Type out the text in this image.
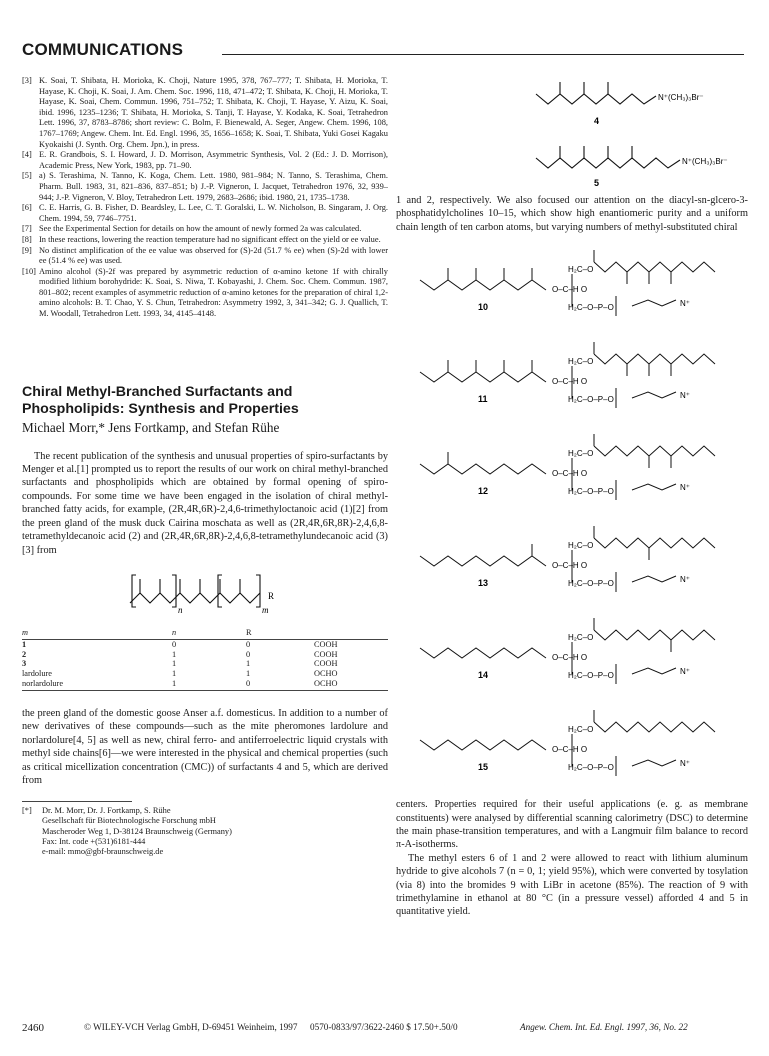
COMMUNICATIONS
[3] K. Soai, T. Shibata, H. Morioka, K. Choji, Nature 1995, 378, 767–777; T. Shibata, H. Morioka, T. Hayase, K. Choji, K. Soai, J. Am. Chem. Soc. 1996, 118, 471–472; T. Shibata, K. Choji, H. Morioka, T. Hayase, K. Soai, Chem. Commun. 1996, 751–752; T. Shibata, K. Choji, T. Hayase, Y. Aizu, K. Soai, ibid. 1996, 1235–1236; T. Shibata, H. Morioka, S. Tanji, T. Hayase, Y. Kodaka, K. Soai, Tetrahedron Lett. 1996, 37, 8783–8786; short review: C. Bolm, F. Bienewald, A. Seger, Angew. Chem. 1996, 108, 1767–1769; Angew. Chem. Int. Ed. Engl. 1996, 35, 1656–1658; K. Soai, T. Shibata, Yuki Gosei Kagaku Kyokaishi (J. Synth. Org. Chem. Jpn.), in press.
[4] E. R. Grandbois, S. I. Howard, J. D. Morrison, Asymmetric Synthesis, Vol. 2 (Ed.: J. D. Morrison), Academic Press, New York, 1983, pp. 71–90.
[5] a) S. Terashima, N. Tanno, K. Koga, Chem. Lett. 1980, 981–984; N. Tanno, S. Terashima, Chem. Pharm. Bull. 1983, 31, 821–836, 837–851; b) J.-P. Vigneron, I. Jacquet, Tetrahedron 1976, 32, 939–944; J.-P. Vigneron, V. Bloy, Tetrahedron Lett. 1979, 2683–2686; ibid. 1980, 21, 1735–1738.
[6] C. E. Harris, G. B. Fisher, D. Beardsley, L. Lee, C. T. Goralski, L. W. Nicholson, B. Singaram, J. Org. Chem. 1994, 59, 7746–7751.
[7] See the Experimental Section for details on how the amount of newly formed 2a was calculated.
[8] In these reactions, lowering the reaction temperature had no significant effect on the yield or ee value.
[9] No distinct amplification of the ee value was observed for (S)-2d (51.7 % ee) when (S)-2d with lower ee (51.4 % ee) was used.
[10] Amino alcohol (S)-2f was prepared by asymmetric reduction of α-amino ketone 1f with chirally modified lithium borohydride: K. Soai, S. Niwa, T. Kobayashi, J. Chem. Soc. Chem. Commun. 1987, 801–802; recent examples of asymmetric reduction of α-amino ketones for the preparation of chiral 1,2-amino alcohols: B. T. Chao, Y. S. Chun, Tetrahedron: Asymmetry 1992, 3, 341–342; G. J. Quallich, T. M. Woodall, Tetrahedron Lett. 1993, 34, 4145–4148.
Chiral Methyl-Branched Surfactants and Phospholipids: Synthesis and Properties
Michael Morr,* Jens Fortkamp, and Stefan Rühe

The recent publication of the synthesis and unusual properties of spiro-surfactants by Menger et al.[1] prompted us to report the results of our work on chiral methyl-branched surfactants and phospholipids which are obtained by formal opening of spiro-compounds. For some time we have been engaged in the isolation of chiral methyl-branched fatty acids, for example, (2R,4R,6R)-2,4,6-trimethyloctanoic acid (1)[2] from the preen gland of the musk duck Cairina moschata as well as (2R,4R,6R,8R)-2,4,6,8-tetramethyldecanoic acid (2) and (2R,4R,6R,8R)-2,4,6,8-tetramethylundecanoic acid (3)[3] from

n	m
R
m	n	R	
1	0	0	COOH
2	1	0	COOH
3	1	1	COOH
lardolure	1	1	OCHO
norlardolure	1	0	OCHO

the preen gland of the domestic goose Anser a.f. domesticus. In addition to a number of new derivatives of these compounds—such as the mite pheromones lardolure and norlardolure[4, 5] as well as new, chiral ferro- and antiferroelectric liquid crystals with methyl side chains[6]—we were interested in the physical and chemical properties (such as critical micellization concentration (CMC)) of surfactants 4 and 5, which are derived from

[*]	Dr. M. Morr, Dr. J. Fortkamp, S. Rühe
Gesellschaft für Biotechnologische Forschung mbH
Mascheroder Weg 1, D-38124 Braunschweig (Germany)
Fax: Int. code +(531)6181-444
e-mail: mmo@gbf-braunschweig.de
N⁺(CH₃)₃Br⁻
N⁺(CH₃)₃Br⁻
4
5

1 and 2, respectively. We also focused our attention on the diacyl-sn-glcero-3-phosphatidylcholines 10–15, which show high enantiomeric purity and a uniform chain length of ten carbon atoms, but varying numbers of methyl-substituted chiral

H₂C–O
O–C–H O
H₂C–O–P–O	N⁺
10
H₂C–O
O–C–H O
H₂C–O–P–O	N⁺
11
H₂C–O
O–C–H O
H₂C–O–P–O	N⁺
12
H₂C–O
O–C–H O
H₂C–O–P–O	N⁺
13
H₂C–O
O–C–H O
H₂C–O–P–O	N⁺
14
H₂C–O
O–C–H O
H₂C–O–P–O	N⁺
15

centers. Properties required for their useful applications (e. g. as membrane constituents) were analysed by differential scanning calorimetry (DSC) to determine the main phase-transition temperatures, and with a Langmuir film balance to record π-A-isotherms.

The methyl esters 6 of 1 and 2 were allowed to react with lithium aluminum hydride to give alcohols 7 (n = 0, 1; yield 95%), which were converted by tosylation (via 8) into the bromides 9 with LiBr in acetone (85%). The reaction of 9 with trimethylamine in ethanol at 80 °C (in a pressure vessel) afforded 4 and 5 in quantitative yield.

2460	© WILEY-VCH Verlag GmbH, D-69451 Weinheim, 1997	0570-0833/97/3622-2460 $ 17.50+.50/0	Angew. Chem. Int. Ed. Engl. 1997, 36, No. 22
